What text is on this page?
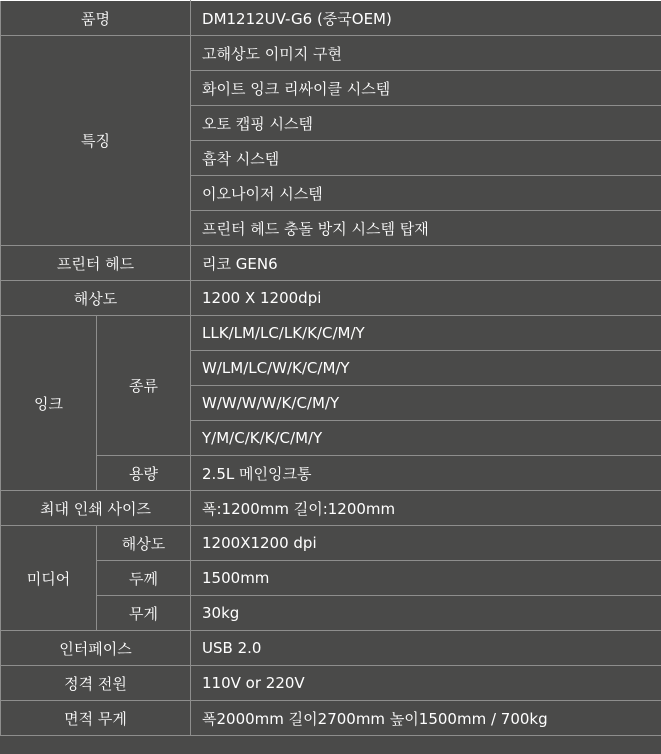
품명		DM1212UV-G6 (중국OEM)
특징		고해상도 이미지 구현
		화이트 잉크 리싸이클 시스템
		오토 캡핑 시스템
		흡착 시스템
		이오나이저 시스템
		프린터 헤드 충돌 방지 시스템 탑재
프린터 헤드		리코 GEN6
해상도		1200 X 1200dpi
잉크	종류	LLK/LM/LC/LK/K/C/M/Y
		W/LM/LC/W/K/C/M/Y
		W/W/W/W/K/C/M/Y
		Y/M/C/K/K/C/M/Y
	용량	2.5L 메인잉크통
최대 인쇄 사이즈		폭:1200mm 길이:1200mm
미디어	해상도	1200X1200 dpi
	두께	1500mm
	무게	30kg
인터페이스		USB 2.0
정격 전원		110V or 220V
면적 무게		폭2000mm 길이2700mm 높이1500mm / 700kg
